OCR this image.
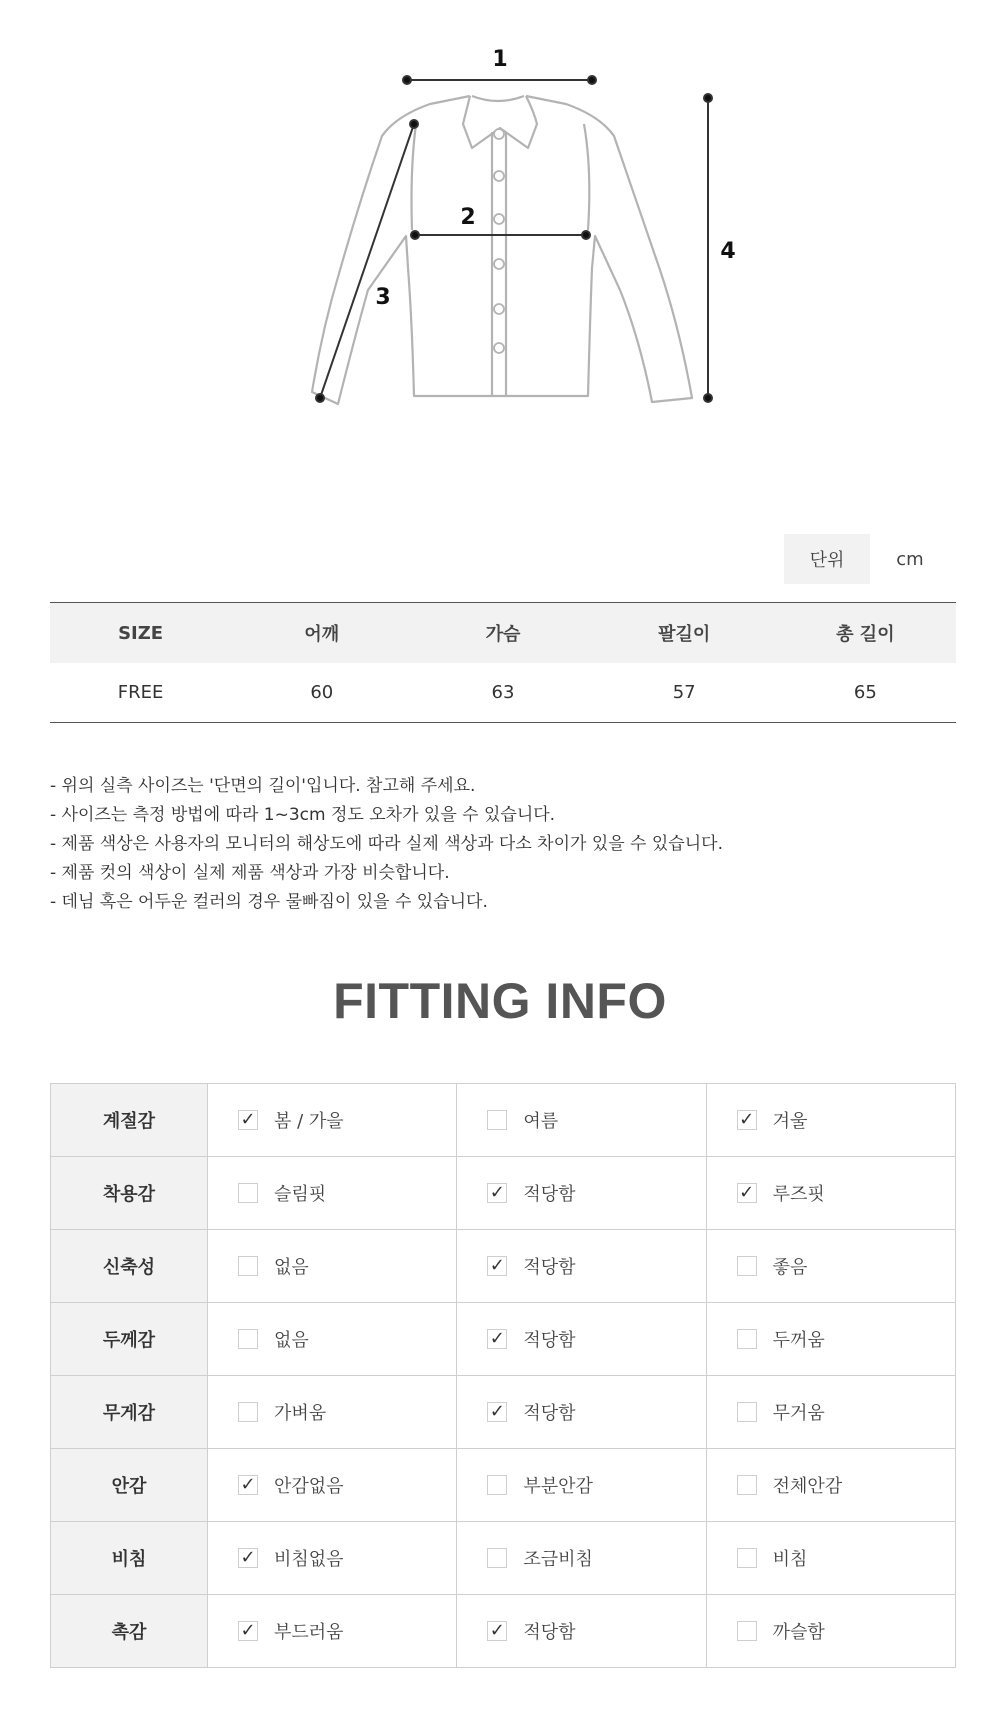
1
2
3
4
단위	cm
SIZE	어깨	가슴	팔길이	총 길이
FREE	60	63	57	65
- 위의 실측 사이즈는 '단면의 길이'입니다. 참고해 주세요.
- 사이즈는 측정 방법에 따라 1~3cm 정도 오차가 있을 수 있습니다.
- 제품 색상은 사용자의 모니터의 해상도에 따라 실제 색상과 다소 차이가 있을 수 있습니다.
- 제품 컷의 색상이 실제 제품 색상과 가장 비슷합니다.
- 데님 혹은 어두운 컬러의 경우 물빠짐이 있을 수 있습니다.
FITTING INFO
계절감	✓ 봄 / 가을	여름	✓ 겨울

착용감	슬림핏	✓ 적당함	✓ 루즈핏

신축성	없음	✓ 적당함	좋음

두께감	없음	✓ 적당함	두꺼움

무게감	가벼움	✓ 적당함	무거움

안감	✓ 안감없음	부분안감	전체안감

비침	✓ 비침없음	조금비침	비침

촉감	✓ 부드러움	✓ 적당함	까슬함
